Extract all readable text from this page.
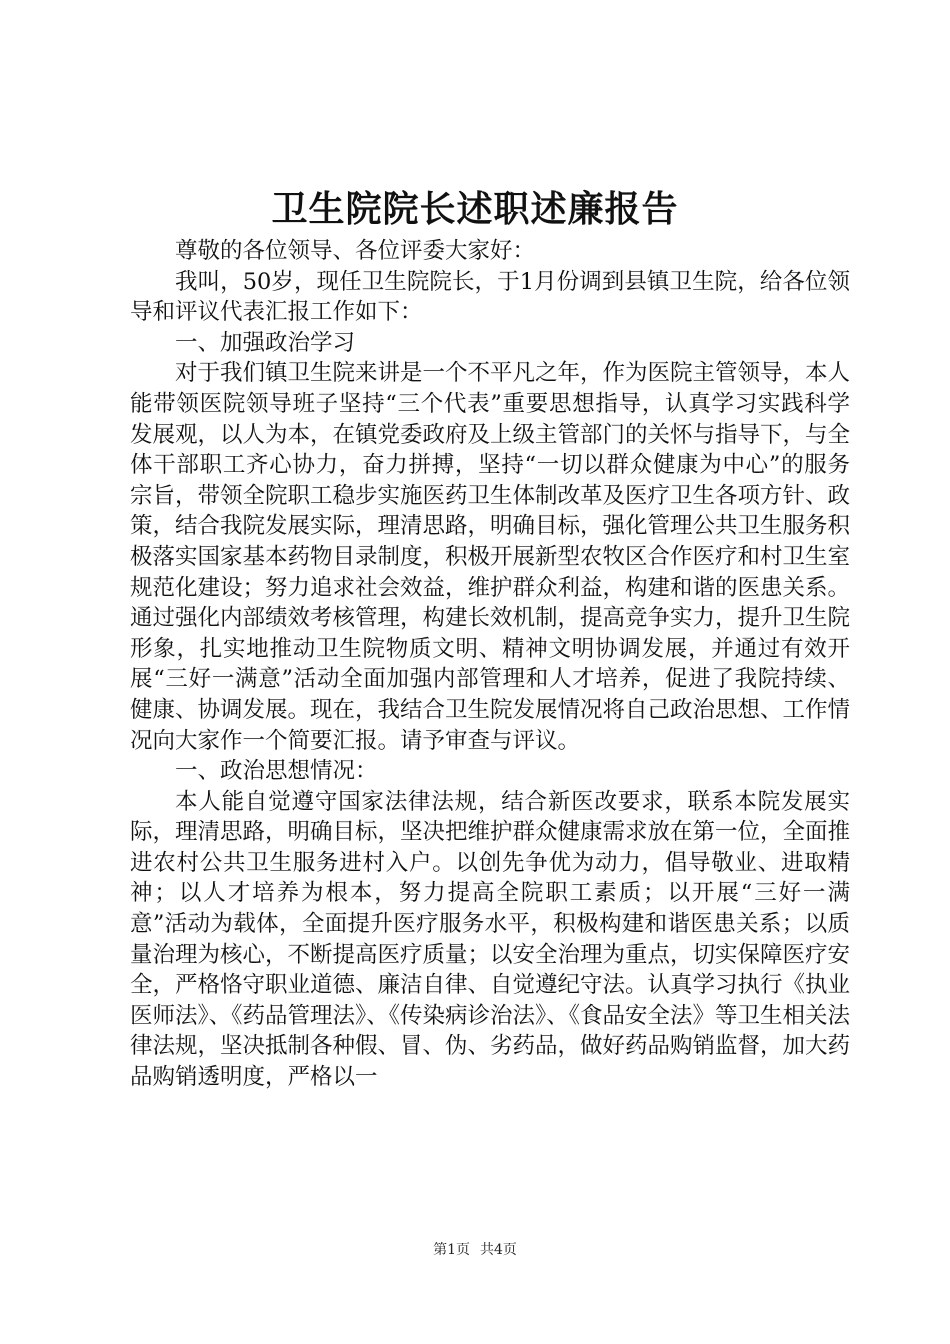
卫生院院长述职述廉报告

尊敬的各位领导、各位评委大家好：

我叫，50岁，现任卫生院院长，于1月份调到县镇卫生院，给各位领导和评议代表汇报工作如下：

一、加强政治学习

对于我们镇卫生院来讲是一个不平凡之年，作为医院主管领导，本人能带领医院领导班子坚持“三个代表”重要思想指导，认真学习实践科学发展观，以人为本，在镇党委政府及上级主管部门的关怀与指导下，与全体干部职工齐心协力，奋力拼搏，坚持“一切以群众健康为中心”的服务宗旨，带领全院职工稳步实施医药卫生体制改革及医疗卫生各项方针、政策，结合我院发展实际，理清思路，明确目标，强化管理公共卫生服务积极落实国家基本药物目录制度，积极开展新型农牧区合作医疗和村卫生室规范化建设；努力追求社会效益，维护群众利益，构建和谐的医患关系。通过强化内部绩效考核管理，构建长效机制，提高竞争实力，提升卫生院形象，扎实地推动卫生院物质文明、精神文明协调发展，并通过有效开展“三好一满意”活动全面加强内部管理和人才培养，促进了我院持续、健康、协调发展。现在，我结合卫生院发展情况将自己政治思想、工作情况向大家作一个简要汇报。请予审查与评议。

一、政治思想情况：

本人能自觉遵守国家法律法规，结合新医改要求，联系本院发展实际，理清思路，明确目标，坚决把维护群众健康需求放在第一位，全面推进农村公共卫生服务进村入户。以创先争优为动力，倡导敬业、进取精神；以人才培养为根本，努力提高全院职工素质；以开展“三好一满意”活动为载体，全面提升医疗服务水平，积极构建和谐医患关系；以质量治理为核心，不断提高医疗质量；以安全治理为重点，切实保障医疗安全，严格恪守职业道德、廉洁自律、自觉遵纪守法。认真学习执行《执业医师法》、《药品管理法》、《传染病诊治法》、《食品安全法》等卫生相关法律法规，坚决抵制各种假、冒、伪、劣药品，做好药品购销监督，加大药品购销透明度，严格以一

第1页 共4页
